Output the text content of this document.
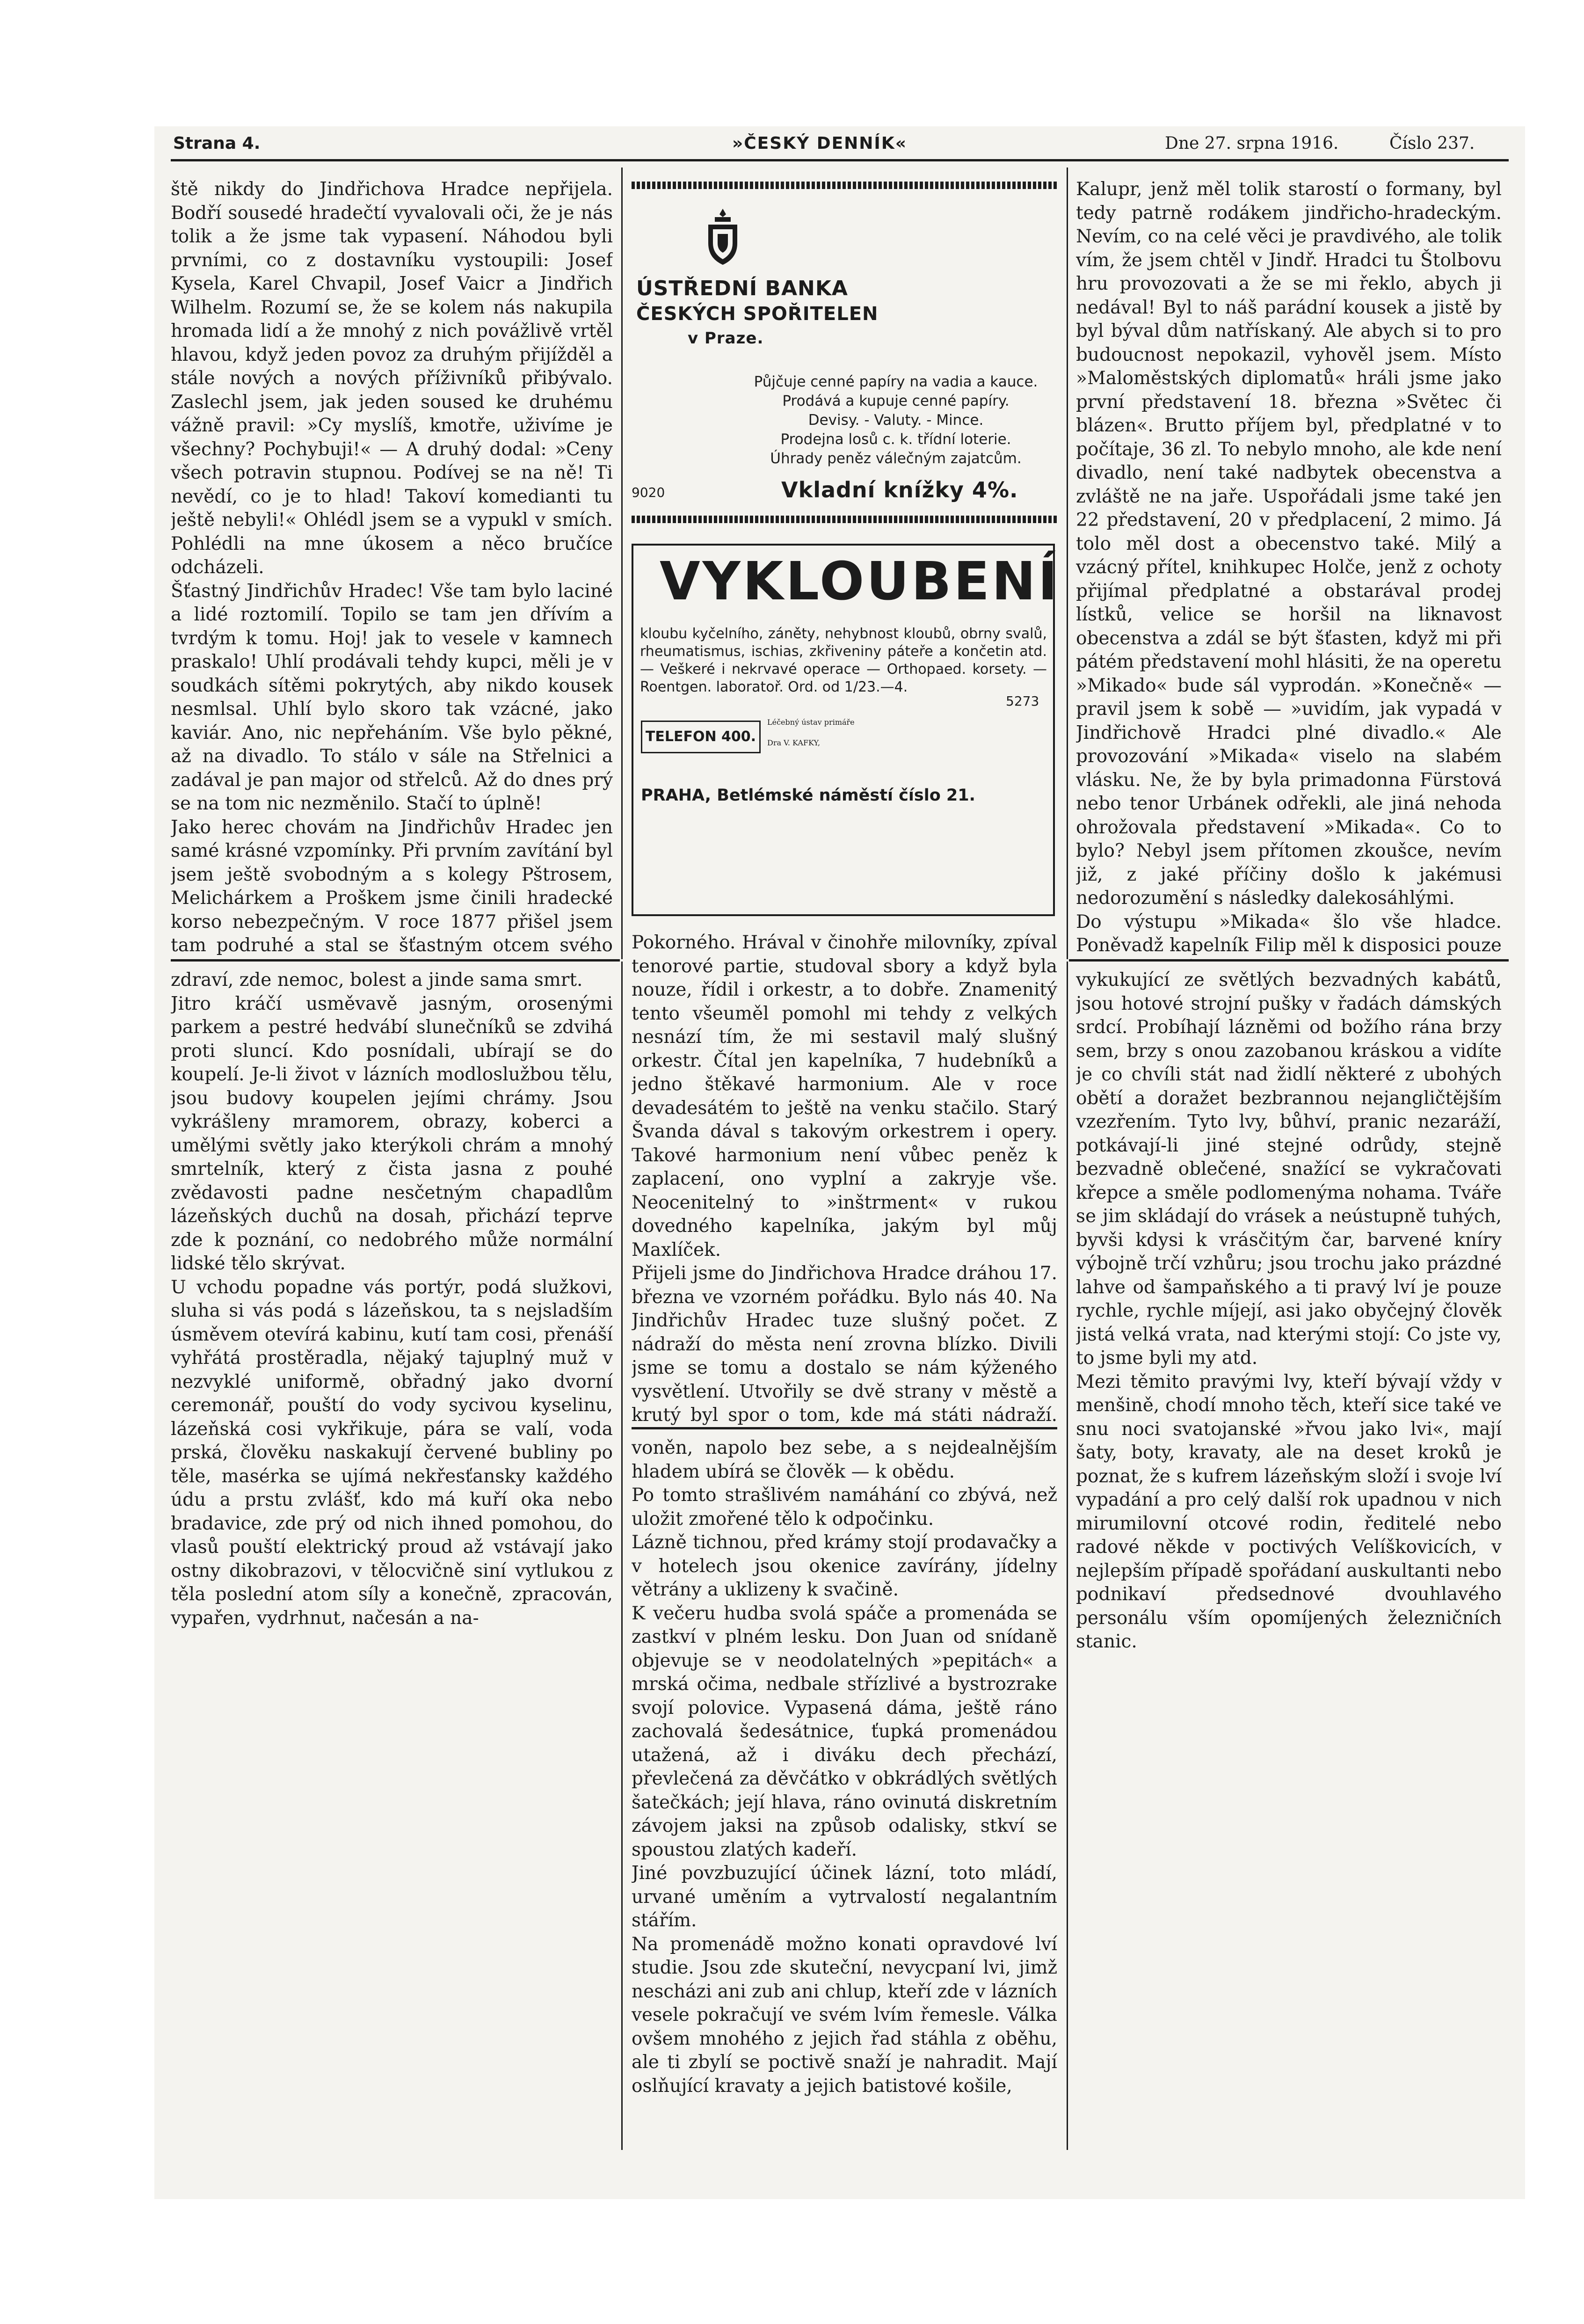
Strana 4.	»ČESKÝ DENNÍK«	Dne 27. srpna 1916.	Číslo 237.
ště nikdy do Jindřichova Hradce nepřijela. Bodří sousedé hradečtí vyvalovali oči, že je nás tolik a že jsme tak vypasení. Náhodou byli prvními, co z dostavníku vystoupili: Josef Kysela, Karel Chvapil, Josef Vaicr a Jindřich Wilhelm. Rozumí se, že se kolem nás nakupila hromada lidí a že mnohý z nich povážlivě vrtěl hlavou, když jeden povoz za druhým přijížděl a stále nových a nových příživníků přibývalo. Zaslechl jsem, jak jeden soused ke druhému vážně pravil: »Cy myslíš, kmotře, uživíme je všechny? Pochybuji!« — A druhý dodal: »Ceny všech potravin stupnou. Podívej se na ně! Ti nevědí, co je to hlad! Takoví komedianti tu ještě nebyli!« Ohlédl jsem se a vypukl v smích. Pohlédli na mne úkosem a něco bručíce odcházeli.
Šťastný Jindřichův Hradec! Vše tam bylo laciné a lidé roztomilí. Topilo se tam jen dřívím a tvrdým k tomu. Hoj! jak to vesele v kamnech praskalo! Uhlí prodávali tehdy kupci, měli je v soudkách sítěmi pokrytých, aby nikdo kousek nesmlsal. Uhlí bylo skoro tak vzácné, jako kaviár. Ano, nic nepřeháním. Vše bylo pěkné, až na divadlo. To stálo v sále na Střelnici a zadával je pan major od střelců. Až do dnes prý se na tom nic nezměnilo. Stačí to úplně!
Jako herec chovám na Jindřichův Hradec jen samé krásné vzpomínky. Při prvním zavítání byl jsem ještě svobodným a s kolegy Pštrosem, Melichárkem a Proškem jsme činili hradecké korso nebezpečným. V roce 1877 přišel jsem tam podruhé a stal se šťastným otcem svého
Kalupr, jenž měl tolik starostí o formany, byl tedy patrně rodákem jindřicho-hradeckým. Nevím, co na celé věci je pravdivého, ale tolik vím, že jsem chtěl v Jindř. Hradci tu Štolbovu hru provozovati a že se mi řeklo, abych ji nedával! Byl to náš parádní kousek a jistě by byl býval dům natřískaný. Ale abych si to pro budoucnost nepokazil, vyhověl jsem. Místo »Maloměstských diplomatů« hráli jsme jako první představení 18. března »Světec či blázen«. Brutto příjem byl, předplatné v to počítaje, 36 zl. To nebylo mnoho, ale kde není divadlo, není také nadbytek obecenstva a zvláště ne na jaře. Uspořádali jsme také jen 22 představení, 20 v předplacení, 2 mimo. Já tolo měl dost a obecenstvo také. Milý a vzácný přítel, knihkupec Holče, jenž z ochoty přijímal předplatné a obstarával prodej lístků, velice se horšil na liknavost obecenstva a zdál se být šťasten, když mi při pátém představení mohl hlásiti, že na operetu »Mikado« bude sál vyprodán. »Konečně« — pravil jsem k sobě — »uvidím, jak vypadá v Jindřichově Hradci plné divadlo.« Ale provozování »Mikada« viselo na slabém vlásku. Ne, že by byla primadonna Fürstová nebo tenor Urbánek odřekli, ale jiná nehoda ohrožovala představení »Mikada«. Co to bylo? Nebyl jsem přítomen zkoušce, nevím již, z jaké příčiny došlo k jakémusi nedorozumění s následky dalekosáhlými.
Do výstupu »Mikada« šlo vše hladce. Poněvadž kapelník Filip měl k disposici pouze
ÚSTŘEDNÍ BANKA
ČESKÝCH SPOŘITELEN
v Praze.
Půjčuje cenné papíry na vadia a kauce.
Prodává a kupuje cenné papíry.
Devisy. - Valuty. - Mince.
Prodejna losů c. k. třídní loterie.
Úhrady peněz válečným zajatcům.
9020	Vkladní knížky 4%.
VYKLOUBENÍ
kloubu kyčelního, záněty, nehybnost kloubů, obrny svalů, rheumatismus, ischias, zkřiveniny páteře a končetin atd. — Veškeré i nekrvavé operace — Orthopaed. korsety. — Roentgen. laboratoř. Ord. od 1/23.—4.
5273
TELEFON 400.
Léčebný ústav primáře
Dra V. KAFKY,
PRAHA, Betlémské náměstí číslo 21.
Pokorného. Hrával v činohře milovníky, zpíval tenorové partie, studoval sbory a když byla nouze, řídil i orkestr, a to dobře. Znamenitý tento všeuměl pomohl mi tehdy z velkých nesnází tím, že mi sestavil malý slušný orkestr. Čítal jen kapelníka, 7 hudebníků a jedno štěkavé harmonium. Ale v roce devadesátém to ještě na venku stačilo. Starý Švanda dával s takovým orkestrem i opery. Takové harmonium není vůbec peněz k zaplacení, ono vyplní a zakryje vše. Neocenitelný to »inštrment« v rukou dovedného kapelníka, jakým byl můj Maxlíček.
Přijeli jsme do Jindřichova Hradce dráhou 17. března ve vzorném pořádku. Bylo nás 40. Na Jindřichův Hradec tuze slušný počet. Z nádraží do města není zrovna blízko. Divili jsme se tomu a dostalo se nám kýženého vysvětlení. Utvořily se dvě strany v městě a krutý byl spor o tom, kde má státi nádraží.
zdraví, zde nemoc, bolest a jinde sama smrt.
Jitro kráčí usměvavě jasným, orosenými parkem a pestré hedvábí slunečníků se zdvihá proti sluncí. Kdo posnídali, ubírají se do koupelí. Je-li život v lázních modloslužbou tělu, jsou budovy koupelen jejími chrámy. Jsou vykrášleny mramorem, obrazy, koberci a umělými světly jako kterýkoli chrám a mnohý smrtelník, který z čista jasna z pouhé zvědavosti padne nesčetným chapadlům lázeňských duchů na dosah, přichází teprve zde k poznání, co nedobrého může normální lidské tělo skrývat.
U vchodu popadne vás portýr, podá služkovi, sluha si vás podá s lázeňskou, ta s nejsladším úsměvem otevírá kabinu, kutí tam cosi, přenáší vyhřátá prostěradla, nějaký tajuplný muž v nezvyklé uniformě, obřadný jako dvorní ceremonář, pouští do vody sycivou kyselinu, lázeňská cosi vykřikuje, pára se valí, voda prská, člověku naskakují červené bubliny po těle, masérka se ujímá nekřesťansky každého údu a prstu zvlášť, kdo má kuří oka nebo bradavice, zde prý od nich ihned pomohou, do vlasů pouští elektrický proud až vstávají jako ostny dikobrazovi, v tělocvičně siní vytlukou z těla poslední atom síly a konečně, zpracován, vypařen, vydrhnut, načesán a na-
voněn, napolo bez sebe, a s nejdealnějším hladem ubírá se člověk — k obědu.
Po tomto strašlivém namáhání co zbývá, než uložit zmořené tělo k odpočinku.
Lázně tichnou, před krámy stojí prodavačky a v hotelech jsou okenice zavírány, jídelny větrány a uklizeny k svačině.
K večeru hudba svolá spáče a promenáda se zastkví v plném lesku. Don Juan od snídaně objevuje se v neodolatelných »pepitách« a mrská očima, nedbale střízlivé a bystrozrake svojí polovice. Vypasená dáma, ještě ráno zachovalá šedesátnice, ťupká promenádou utažená, až i diváku dech přechází, převlečená za děvčátko v obkrádlých světlých šatečkách; její hlava, ráno ovinutá diskretním závojem jaksi na způsob odalisky, stkví se spoustou zlatých kadeří.
Jiné povzbuzující účinek lázní, toto mládí, urvané uměním a vytrvalostí negalantním stářím.
Na promenádě možno konati opravdové lví studie. Jsou zde skuteční, nevycpaní lvi, jimž nescházi ani zub ani chlup, kteří zde v lázních vesele pokračují ve svém lvím řemesle. Válka ovšem mnohého z jejich řad stáhla z oběhu, ale ti zbylí se poctivě snaží je nahradit. Mají oslňující kravaty a jejich batistové košile,
vykukující ze světlých bezvadných kabátů, jsou hotové strojní pušky v řadách dámských srdcí. Probíhají lázněmi od božího rána brzy sem, brzy s onou zazobanou kráskou a vidíte je co chvíli stát nad židlí některé z ubohých obětí a doražet bezbrannou nejangličtějším vzezřením. Tyto lvy, bůhví, pranic nezaráží, potkávají-li jiné stejné odrůdy, stejně bezvadně oblečené, snažící se vykračovati křepce a směle podlomenýma nohama. Tváře se jim skládají do vrásek a neústupně tuhých, byvši kdysi k vrásčitým čar, barvené kníry výbojně trčí vzhůru; jsou trochu jako prázdné lahve od šampaňského a ti pravý lví je pouze rychle, rychle míjejí, asi jako obyčejný člověk jistá velká vrata, nad kterými stojí: Co jste vy, to jsme byli my atd.
Mezi těmito pravými lvy, kteří bývají vždy v menšině, chodí mnoho těch, kteří sice také ve snu noci svatojanské »řvou jako lvi«, mají šaty, boty, kravaty, ale na deset kroků je poznat, že s kufrem lázeňským složí i svoje lví vypadání a pro celý další rok upadnou v nich mirumilovní otcové rodin, ředitelé nebo radové někde v poctivých Velíškovicích, v nejlepším případě spořádaní auskultanti nebo podnikaví předsednové dvouhlavého personálu vším opomíjených železničních stanic.
